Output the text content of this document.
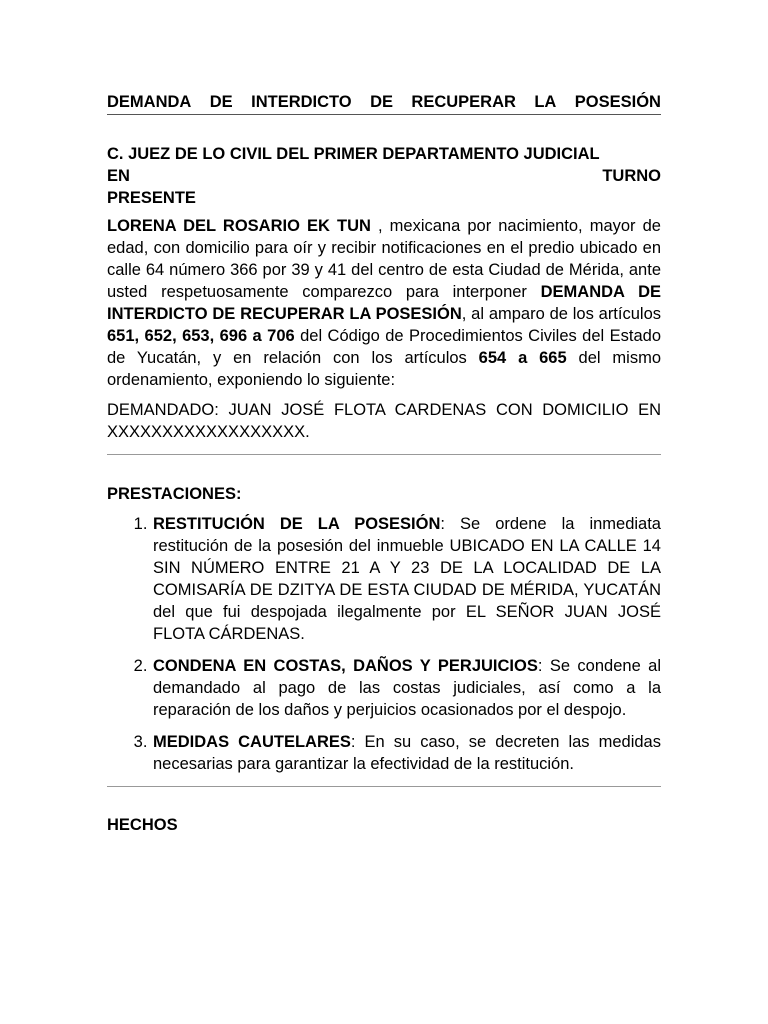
DEMANDA DE INTERDICTO DE RECUPERAR LA POSESIÓN
C. JUEZ DE LO CIVIL DEL PRIMER DEPARTAMENTO JUDICIAL
EN	TURNO
PRESENTE
LORENA DEL ROSARIO EK TUN , mexicana por nacimiento, mayor de edad, con domicilio para oír y recibir notificaciones en el predio ubicado en calle 64 número 366 por 39 y 41 del centro de esta Ciudad de Mérida, ante usted respetuosamente comparezco para interponer DEMANDA DE INTERDICTO DE RECUPERAR LA POSESIÓN, al amparo de los artículos 651, 652, 653, 696 a 706 del Código de Procedimientos Civiles del Estado de Yucatán, y en relación con los artículos 654 a 665 del mismo ordenamiento, exponiendo lo siguiente:
DEMANDADO: JUAN JOSÉ FLOTA CARDENAS CON DOMICILIO EN XXXXXXXXXXXXXXXXXX.
PRESTACIONES:
1. RESTITUCIÓN DE LA POSESIÓN: Se ordene la inmediata restitución de la posesión del inmueble UBICADO EN LA CALLE 14 SIN NÚMERO ENTRE 21 A Y 23 DE LA LOCALIDAD DE LA COMISARÍA DE DZITYA DE ESTA CIUDAD DE MÉRIDA, YUCATÁN del que fui despojada ilegalmente por EL SEÑOR JUAN JOSÉ FLOTA CÁRDENAS.
2. CONDENA EN COSTAS, DAÑOS Y PERJUICIOS: Se condene al demandado al pago de las costas judiciales, así como a la reparación de los daños y perjuicios ocasionados por el despojo.
3. MEDIDAS CAUTELARES: En su caso, se decreten las medidas necesarias para garantizar la efectividad de la restitución.
HECHOS
